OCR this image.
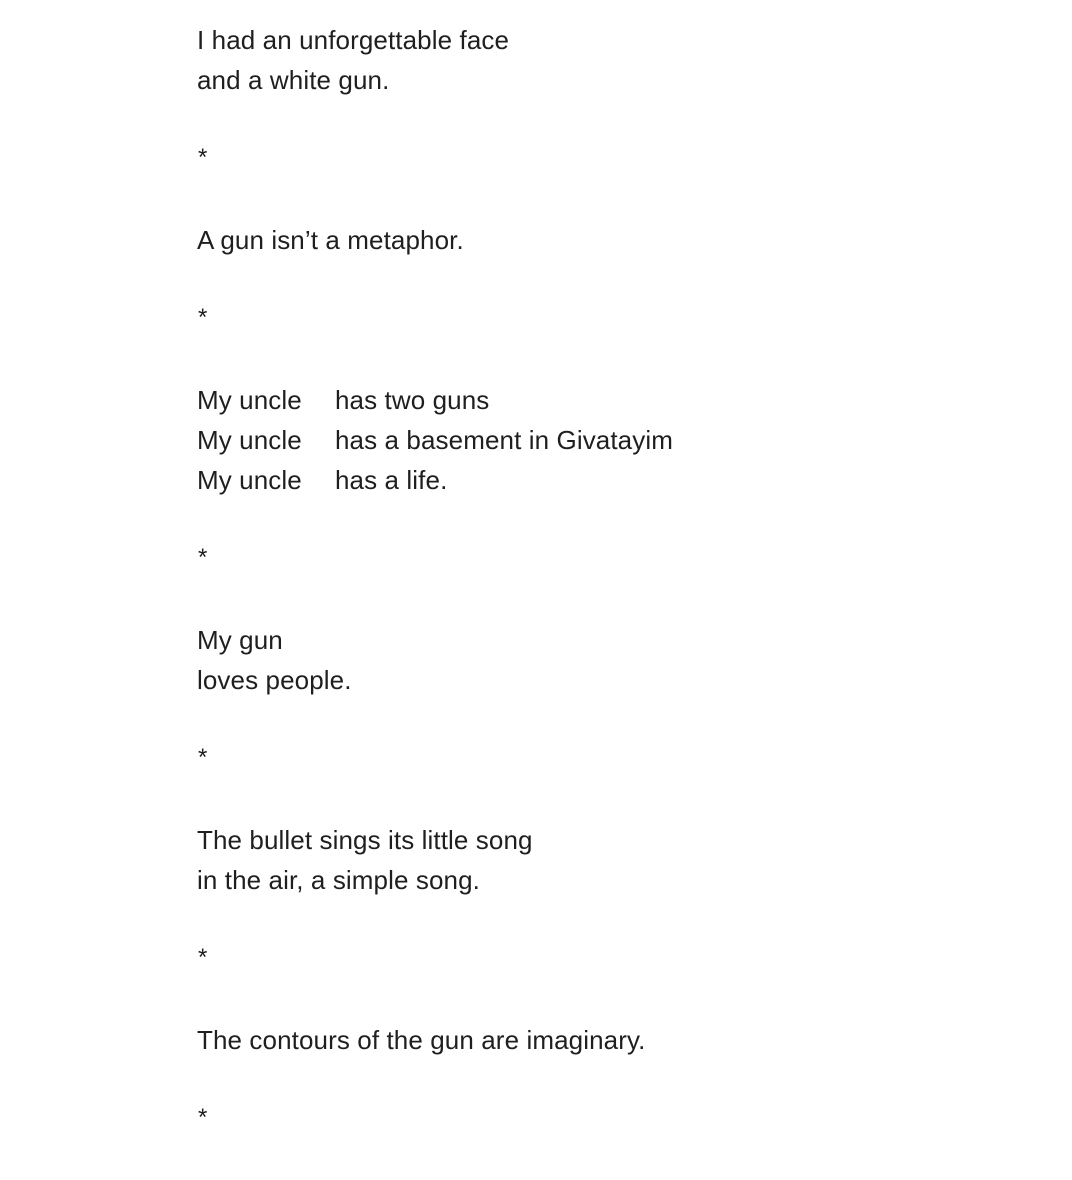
I had an unforgettable face
and a white gun.
*
A gun isn’t a metaphor.
*
My uncle	has two guns
My uncle	has a basement in Givatayim
My uncle	has a life.
*
My gun
loves people.
*
The bullet sings its little song
in the air, a simple song.
*
The contours of the gun are imaginary.
*
